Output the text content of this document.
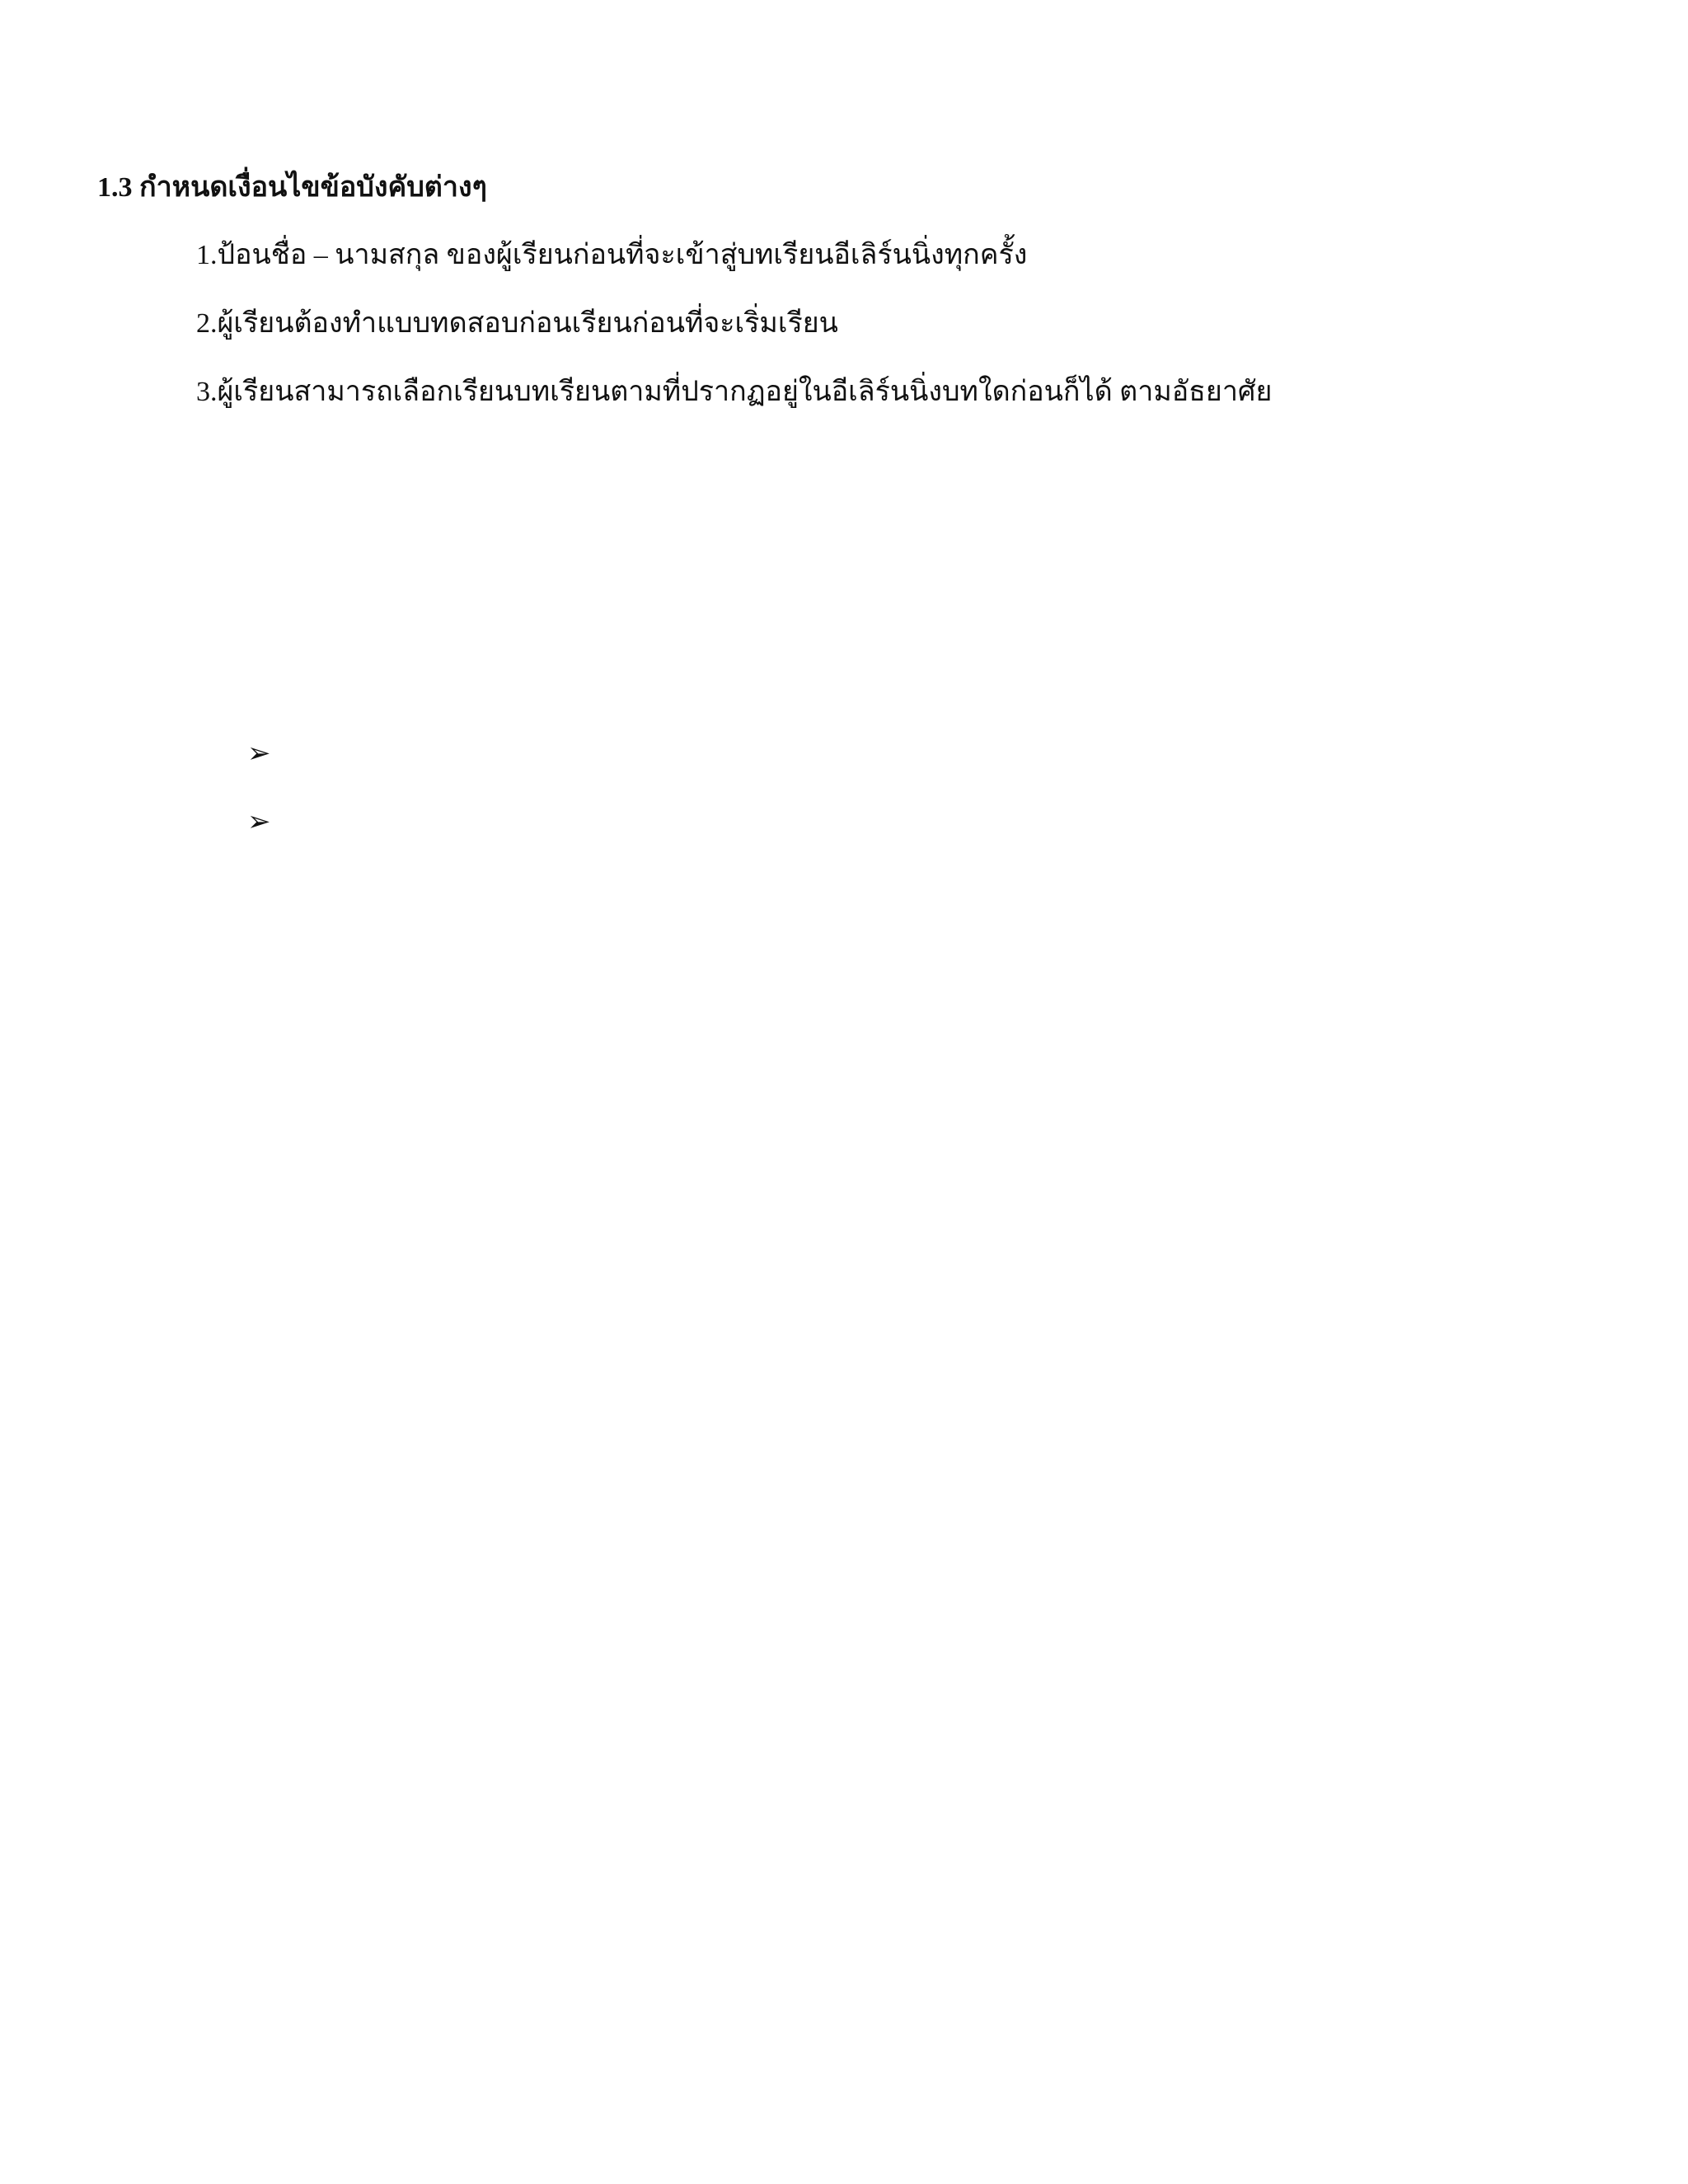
1.3 กำหนดเงื่อนไขข้อบังคับต่างๆ
1.ป้อนชื่อ – นามสกุล ของผู้เรียนก่อนที่จะเข้าสู่บทเรียนอีเลิร์นนิ่งทุกครั้ง
2.ผู้เรียนต้องทำแบบทดสอบก่อนเรียนก่อนที่จะเริ่มเรียน
3.ผู้เรียนสามารถเลือกเรียนบทเรียนตามที่ปรากฏอยู่ในอีเลิร์นนิ่งบทใดก่อนก็ได้ ตามอัธยาศัย
➢
➢
